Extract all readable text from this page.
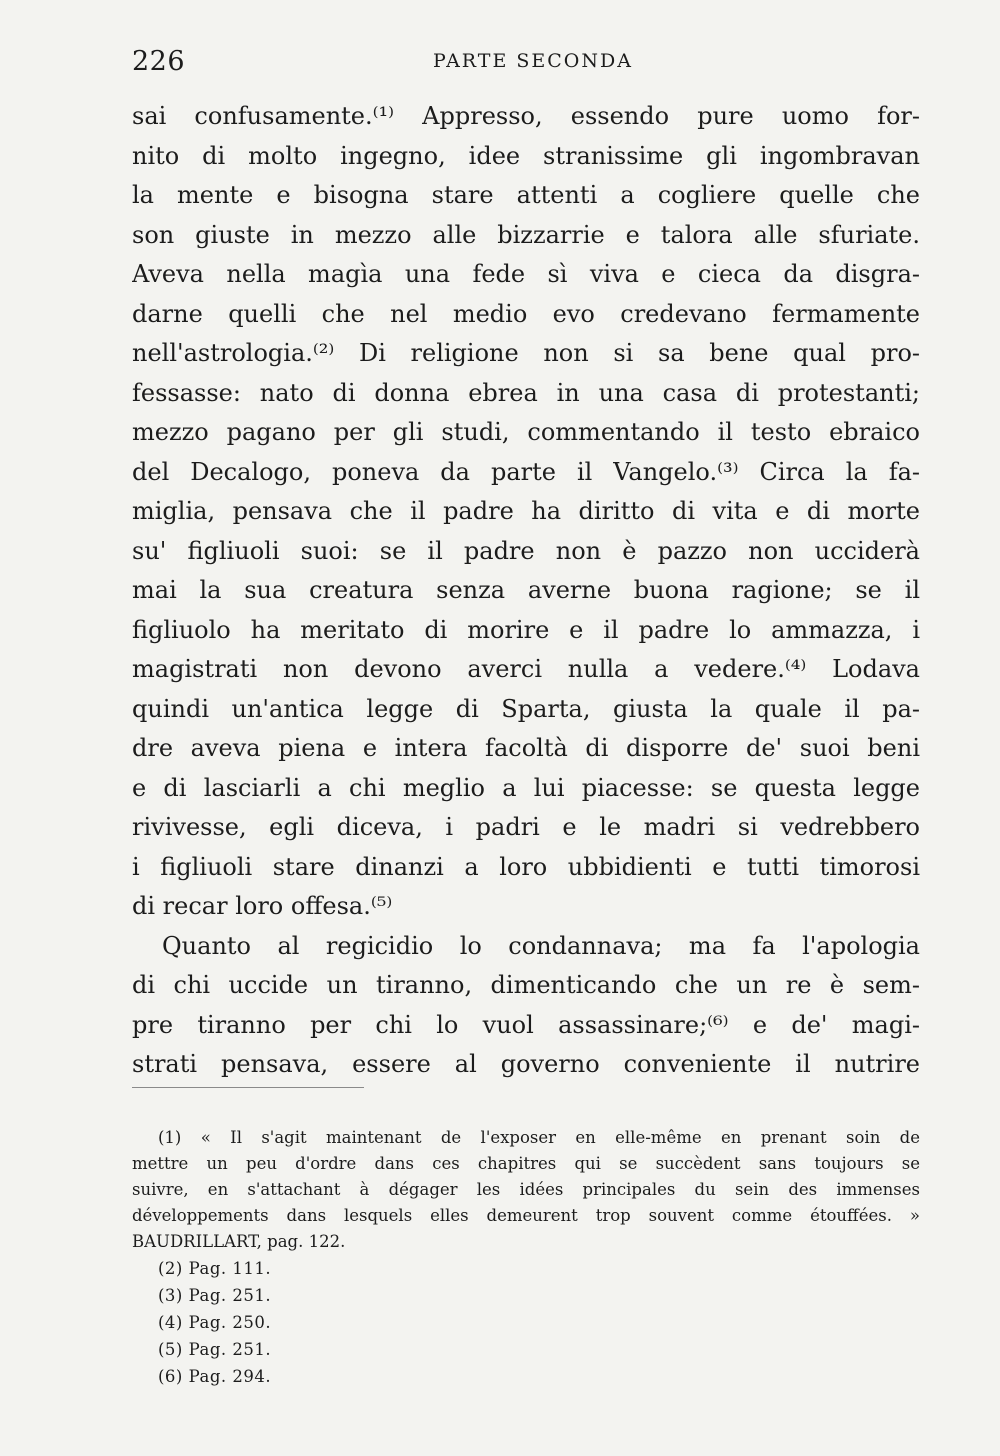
226	PARTE SECONDA
sai confusamente.⁽¹⁾ Appresso, essendo pure uomo for-
nito di molto ingegno, idee stranissime gli ingombravan
la mente e bisogna stare attenti a cogliere quelle che
son giuste in mezzo alle bizzarrie e talora alle sfuriate.
Aveva nella magìa una fede sì viva e cieca da disgra-
darne quelli che nel medio evo credevano fermamente
nell'astrologia.⁽²⁾ Di religione non si sa bene qual pro-
fessasse: nato di donna ebrea in una casa di protestanti;
mezzo pagano per gli studi, commentando il testo ebraico
del Decalogo, poneva da parte il Vangelo.⁽³⁾ Circa la fa-
miglia, pensava che il padre ha diritto di vita e di morte
su' figliuoli suoi: se il padre non è pazzo non ucciderà
mai la sua creatura senza averne buona ragione; se il
figliuolo ha meritato di morire e il padre lo ammazza, i
magistrati non devono averci nulla a vedere.⁽⁴⁾ Lodava
quindi un'antica legge di Sparta, giusta la quale il pa-
dre aveva piena e intera facoltà di disporre de' suoi beni
e di lasciarli a chi meglio a lui piacesse: se questa legge
rivivesse, egli diceva, i padri e le madri si vedrebbero
i figliuoli stare dinanzi a loro ubbidienti e tutti timorosi
di recar loro offesa.⁽⁵⁾
Quanto al regicidio lo condannava; ma fa l'apologia
di chi uccide un tiranno, dimenticando che un re è sem-
pre tiranno per chi lo vuol assassinare;⁽⁶⁾ e de' magi-
strati pensava, essere al governo conveniente il nutrire
(1) « Il s'agit maintenant de l'exposer en elle-même en prenant soin de
mettre un peu d'ordre dans ces chapitres qui se succèdent sans toujours se
suivre, en s'attachant à dégager les idées principales du sein des immenses
développements dans lesquels elles demeurent trop souvent comme étouffées. »
BAUDRILLART, pag. 122.
(2) Pag. 111.
(3) Pag. 251.
(4) Pag. 250.
(5) Pag. 251.
(6) Pag. 294.
